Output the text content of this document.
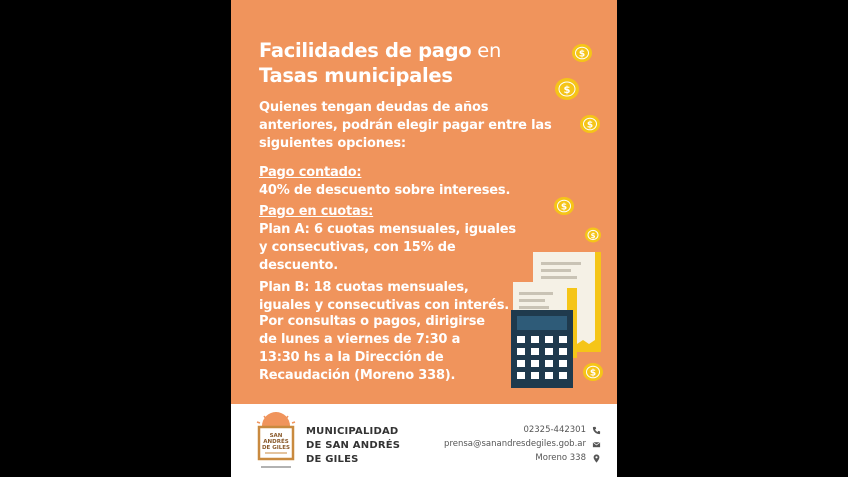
Facilidades de pago en
Tasas municipales
Quienes tengan deudas de años anteriores, podrán elegir pagar entre las siguientes opciones:
Pago contado:
40% de descuento sobre intereses.
Pago en cuotas:
Plan A: 6 cuotas mensuales, iguales y consecutivas, con 15% de descuento.
Plan B: 18 cuotas mensuales, iguales y consecutivas con interés.
Por consultas o pagos, dirigirse de lunes a viernes de 7:30 a 13:30 hs a la Dirección de Recaudación (Moreno 338).
$
$
$
$
$
$
SAN
ANDRÉS
DE GILES
MUNICIPALIDAD
DE SAN ANDRÉS
DE GILES
02325-442301
prensa@sanandresdegiles.gob.ar
Moreno 338
